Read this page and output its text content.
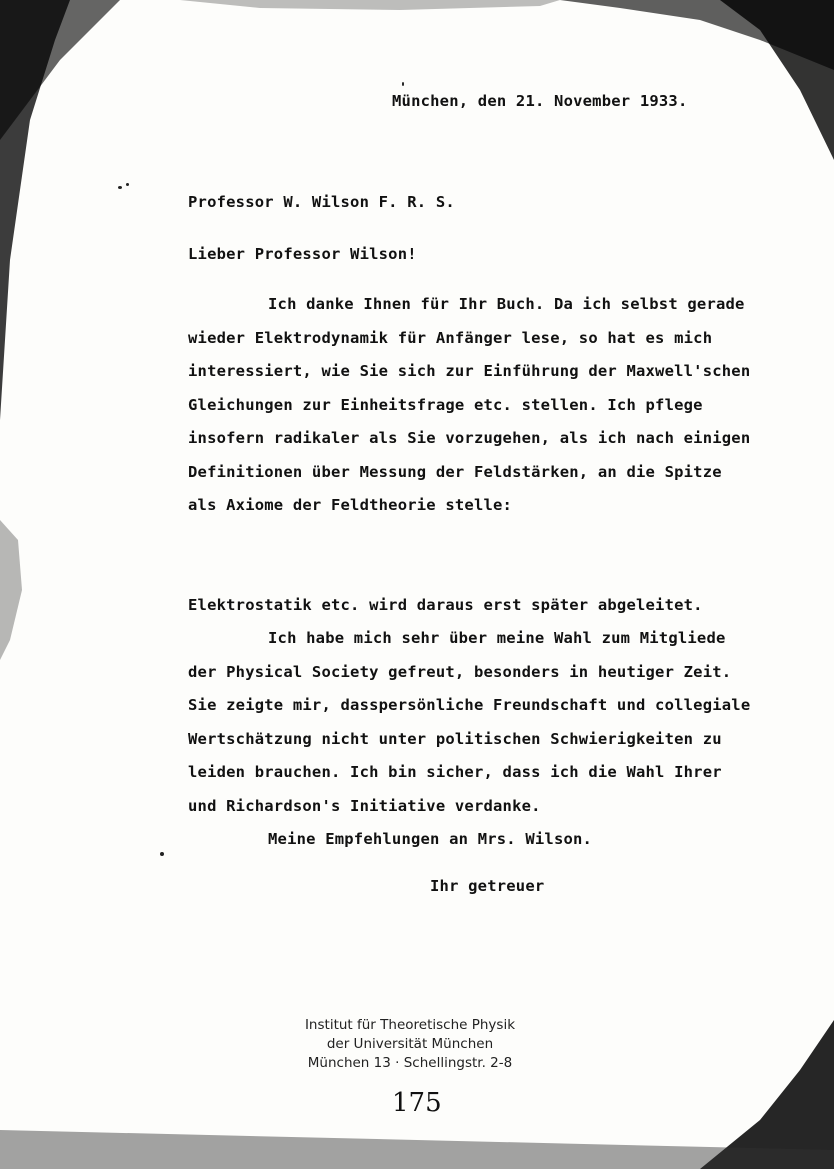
München, den 21. November 1933.
Professor W. Wilson F. R. S.
Lieber Professor Wilson!
Ich danke Ihnen für Ihr Buch. Da ich selbst gerade
wieder Elektrodynamik für Anfänger lese, so hat es mich
interessiert, wie Sie sich zur Einführung der Maxwell'schen
Gleichungen zur Einheitsfrage etc. stellen. Ich pflege
insofern radikaler als Sie vorzugehen, als ich nach einigen
Definitionen über Messung der Feldstärken, an die Spitze
als Axiome der Feldtheorie stelle:
Elektrostatik etc. wird daraus erst später abgeleitet.
Ich habe mich sehr über meine Wahl zum Mitgliede
der Physical Society gefreut, besonders in heutiger Zeit.
Sie zeigte mir, dasspersönliche Freundschaft und collegiale
Wertschätzung nicht unter politischen Schwierigkeiten zu
leiden brauchen. Ich bin sicher, dass ich die Wahl Ihrer
und Richardson's Initiative verdanke.
Meine Empfehlungen an Mrs. Wilson.
Ihr getreuer
Institut für Theoretische Physik
der Universität München
München 13 · Schellingstr. 2-8
175
